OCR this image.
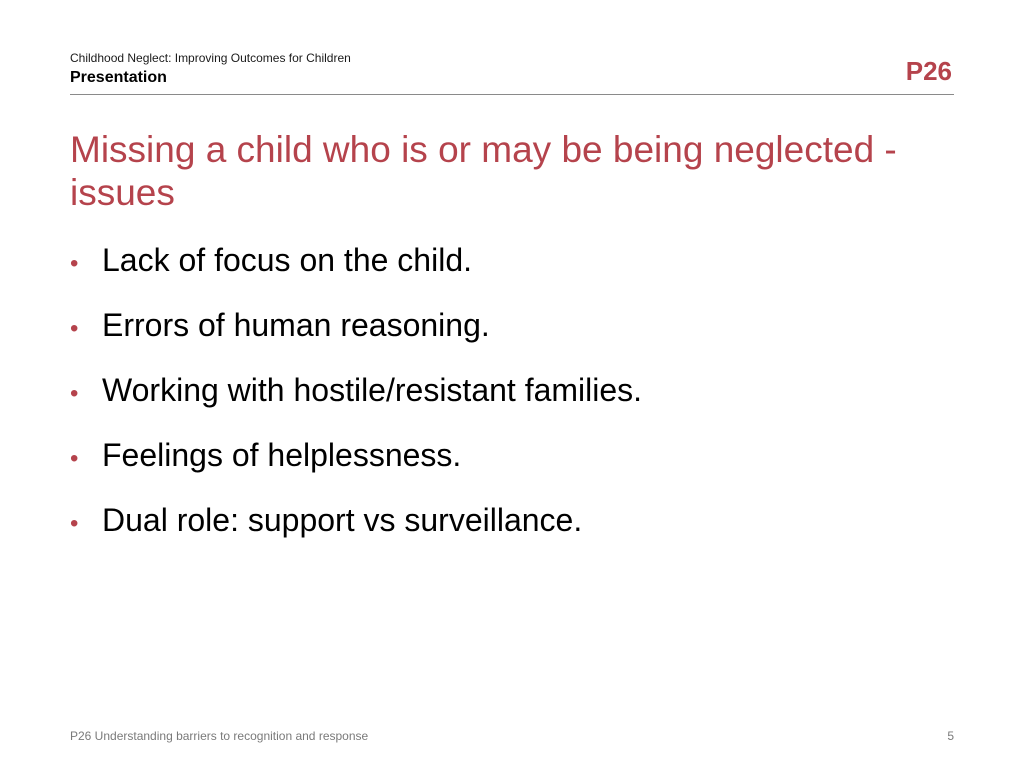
Childhood Neglect: Improving Outcomes for Children
Presentation	P26
Missing a child who is or may be being neglected - issues
• Lack of focus on the child.
• Errors of human reasoning.
• Working with hostile/resistant families.
• Feelings of helplessness.
• Dual role: support vs surveillance.
P26 Understanding barriers to recognition and response	5
